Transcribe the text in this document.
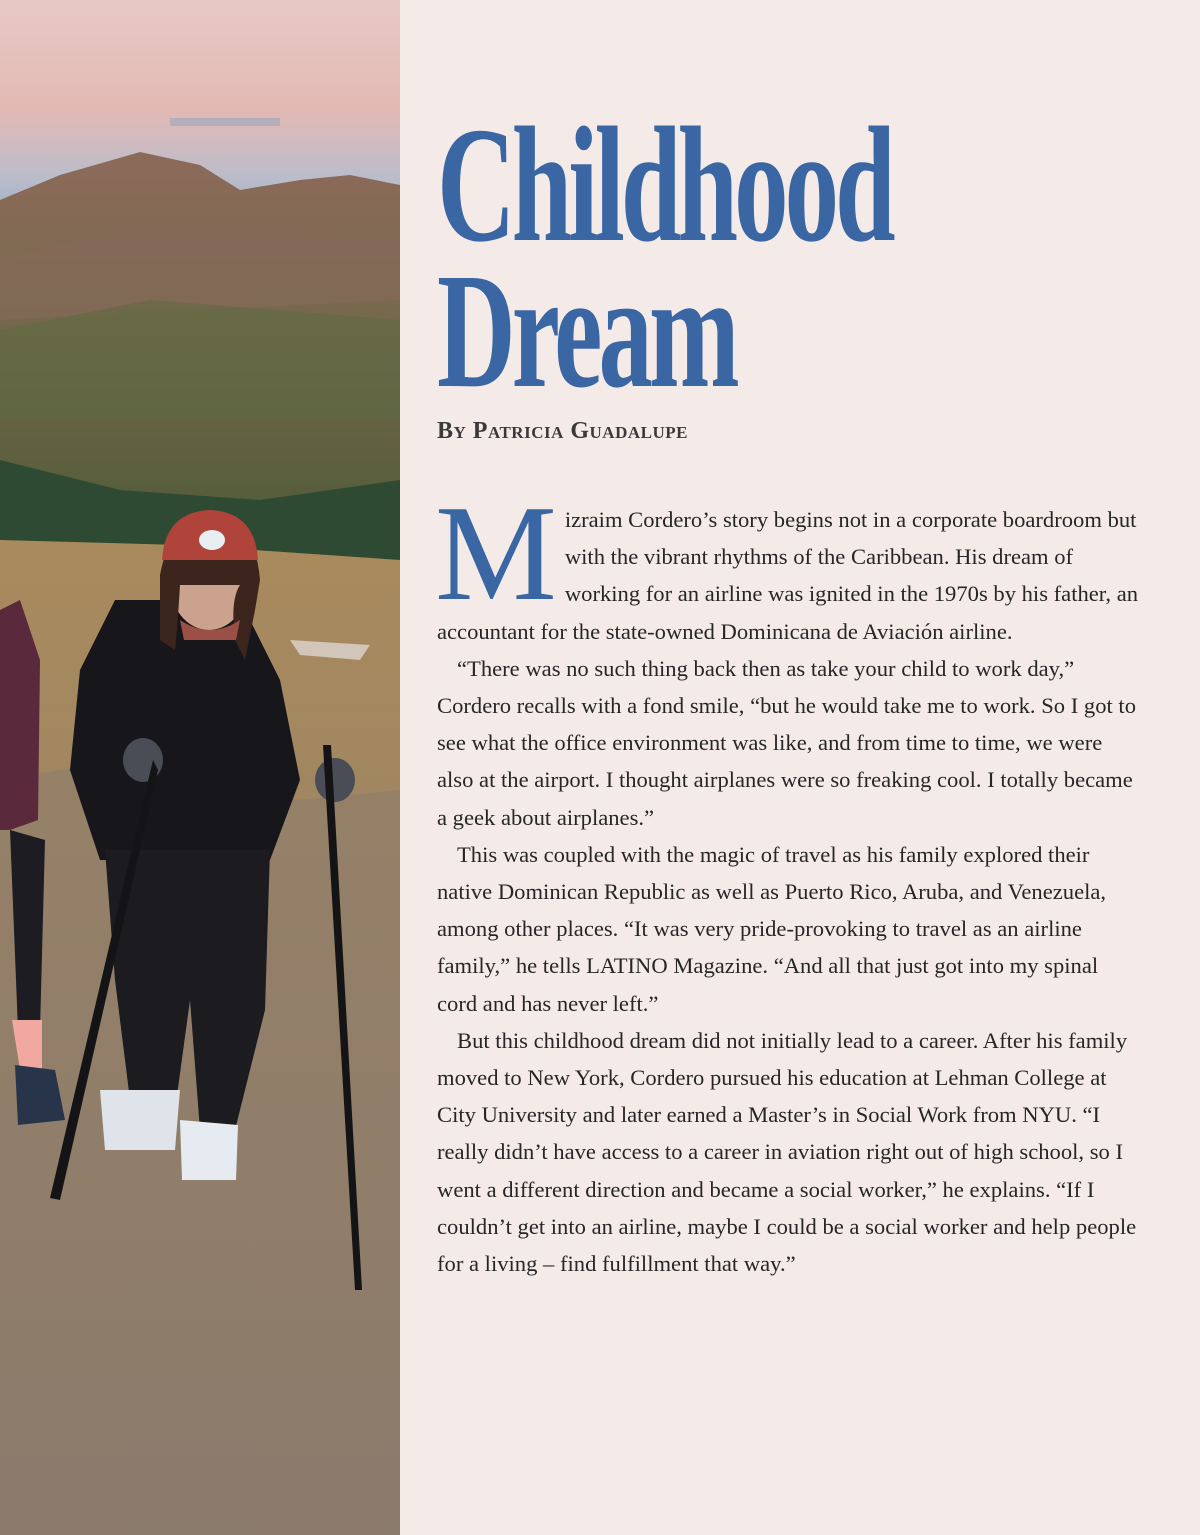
Childhood
Dream
By Patricia Guadalupe

Mizraim Cordero’s story begins not in a corporate boardroom but with the vibrant rhythms of the Caribbean. His dream of working for an airline was ignited in the 1970s by his father, an accountant for the state-owned Dominicana de Aviación airline.

“There was no such thing back then as take your child to work day,” Cordero recalls with a fond smile, “but he would take me to work. So I got to see what the office environment was like, and from time to time, we were also at the airport. I thought airplanes were so freaking cool. I totally became a geek about airplanes.”

This was coupled with the magic of travel as his family explored their native Dominican Republic as well as Puerto Rico, Aruba, and Venezuela, among other places. “It was very pride-provoking to travel as an airline family,” he tells LATINO Magazine. “And all that just got into my spinal cord and has never left.”

But this childhood dream did not initially lead to a career. After his family moved to New York, Cordero pursued his education at Lehman College at City University and later earned a Master’s in Social Work from NYU. “I really didn’t have access to a career in aviation right out of high school, so I went a different direction and became a social worker,” he explains. “If I couldn’t get into an airline, maybe I could be a social worker and help people for a living – find fulfillment that way.”
